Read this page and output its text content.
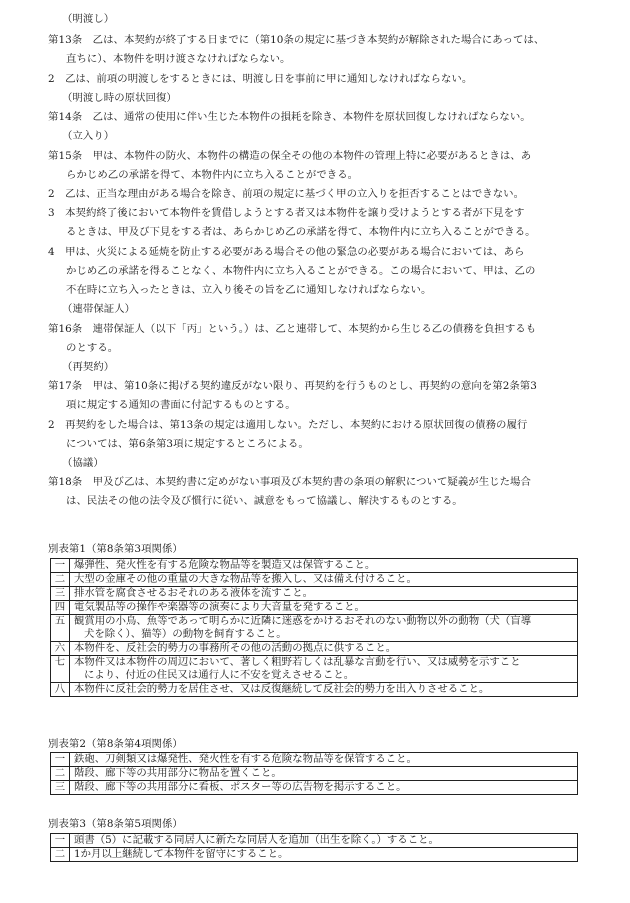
（明渡し）

第13条　乙は、本契約が終了する日までに（第10条の規定に基づき本契約が解除された場合にあっては、

直ちに）、本物件を明け渡さなければならない。

2　乙は、前項の明渡しをするときには、明渡し日を事前に甲に通知しなければならない。

（明渡し時の原状回復）

第14条　乙は、通常の使用に伴い生じた本物件の損耗を除き、本物件を原状回復しなければならない。

（立入り）

第15条　甲は、本物件の防火、本物件の構造の保全その他の本物件の管理上特に必要があるときは、あ

らかじめ乙の承諾を得て、本物件内に立ち入ることができる。

2　乙は、正当な理由がある場合を除き、前項の規定に基づく甲の立入りを拒否することはできない。

3　本契約終了後において本物件を賃借しようとする者又は本物件を譲り受けようとする者が下見をす

るときは、甲及び下見をする者は、あらかじめ乙の承諾を得て、本物件内に立ち入ることができる。

4　甲は、火災による延焼を防止する必要がある場合その他の緊急の必要がある場合においては、あら

かじめ乙の承諾を得ることなく、本物件内に立ち入ることができる。この場合において、甲は、乙の

不在時に立ち入ったときは、立入り後その旨を乙に通知しなければならない。

（連帯保証人）

第16条　連帯保証人（以下「丙」という。）は、乙と連帯して、本契約から生じる乙の債務を負担するも

のとする。

（再契約）

第17条　甲は、第10条に掲げる契約違反がない限り、再契約を行うものとし、再契約の意向を第2条第3

項に規定する通知の書面に付記するものとする。

2　再契約をした場合は、第13条の規定は適用しない。ただし、本契約における原状回復の債務の履行

については、第6条第3項に規定するところによる。

（協議）

第18条　甲及び乙は、本契約書に定めがない事項及び本契約書の条項の解釈について疑義が生じた場合

は、民法その他の法令及び慣行に従い、誠意をもって協議し、解決するものとする。

別表第1（第8条第3項関係）

一	爆弾性、発火性を有する危険な物品等を製造又は保管すること。
二	大型の金庫その他の重量の大きな物品等を搬入し、又は備え付けること。
三	排水管を腐食させるおそれのある液体を流すこと。
四	電気製品等の操作や楽器等の演奏により大音量を発すること。
五	観賞用の小鳥、魚等であって明らかに近隣に迷惑をかけるおそれのない動物以外の動物（犬（盲導
犬を除く）、猫等）の動物を飼育すること。

六	本物件を、反社会的勢力の事務所その他の活動の拠点に供すること。
七	本物件又は本物件の周辺において、著しく粗野若しくは乱暴な言動を行い、又は威勢を示すこと
により、付近の住民又は通行人に不安を覚えさせること。

八	本物件に反社会的勢力を居住させ、又は反復継続して反社会的勢力を出入りさせること。

別表第2（第8条第4項関係）

一	鉄砲、刀剣類又は爆発性、発火性を有する危険な物品等を保管すること。
二	階段、廊下等の共用部分に物品を置くこと。
三	階段、廊下等の共用部分に看板、ポスター等の広告物を掲示すること。

別表第3（第8条第5項関係）

一	頭書（5）に記載する同居人に新たな同居人を追加（出生を除く。）すること。
二	1か月以上継続して本物件を留守にすること。
